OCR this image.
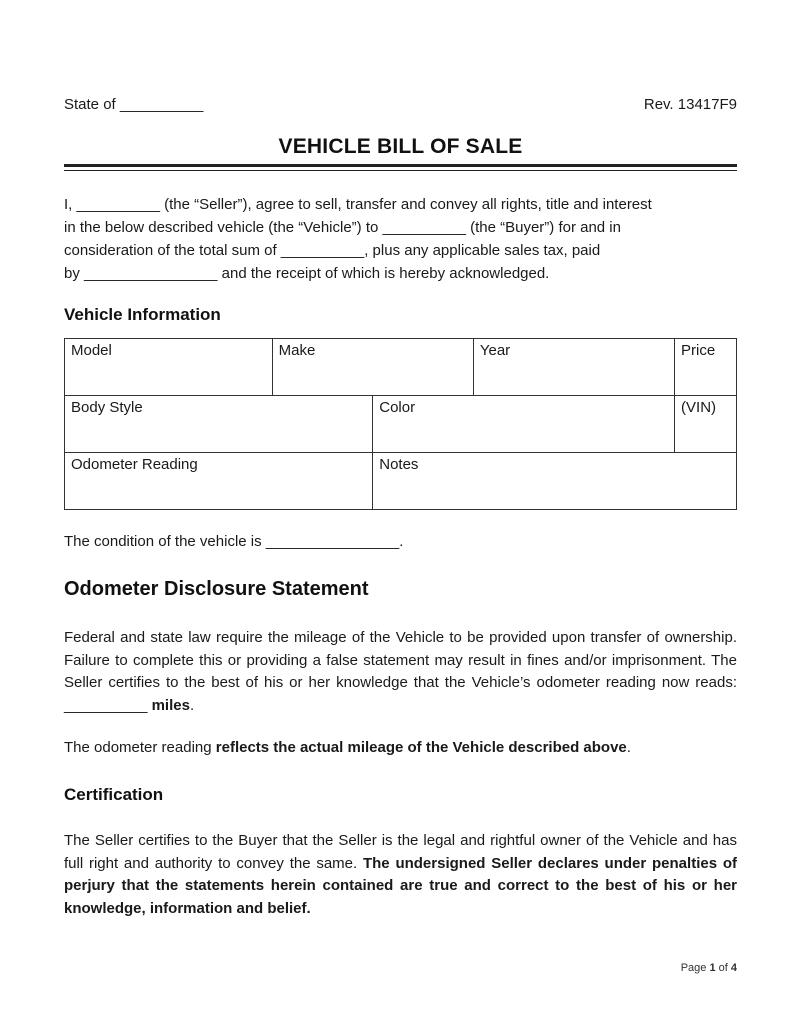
State of __________	Rev. 13417F9
VEHICLE BILL OF SALE
I, __________ (the “Seller”), agree to sell, transfer and convey all rights, title and interest
in the below described vehicle (the “Vehicle”) to __________ (the “Buyer”) for and in
consideration of the total sum of __________, plus any applicable sales tax, paid
by ________________ and the receipt of which is hereby acknowledged.
Vehicle Information
Model	Make		Year	Price
Body Style		Color		(VIN)
Odometer Reading		Notes		
The condition of the vehicle is ________________.
Odometer Disclosure Statement

Federal and state law require the mileage of the Vehicle to be provided upon transfer of ownership. Failure to complete this or providing a false statement may result in fines and/or imprisonment. The Seller certifies to the best of his or her knowledge that the Vehicle’s odometer reading now reads: __________ miles.

The odometer reading reflects the actual mileage of the Vehicle described above.
Certification

The Seller certifies to the Buyer that the Seller is the legal and rightful owner of the Vehicle and has full right and authority to convey the same. The undersigned Seller declares under penalties of perjury that the statements herein contained are true and correct to the best of his or her knowledge, information and belief.

Page 1 of 4
